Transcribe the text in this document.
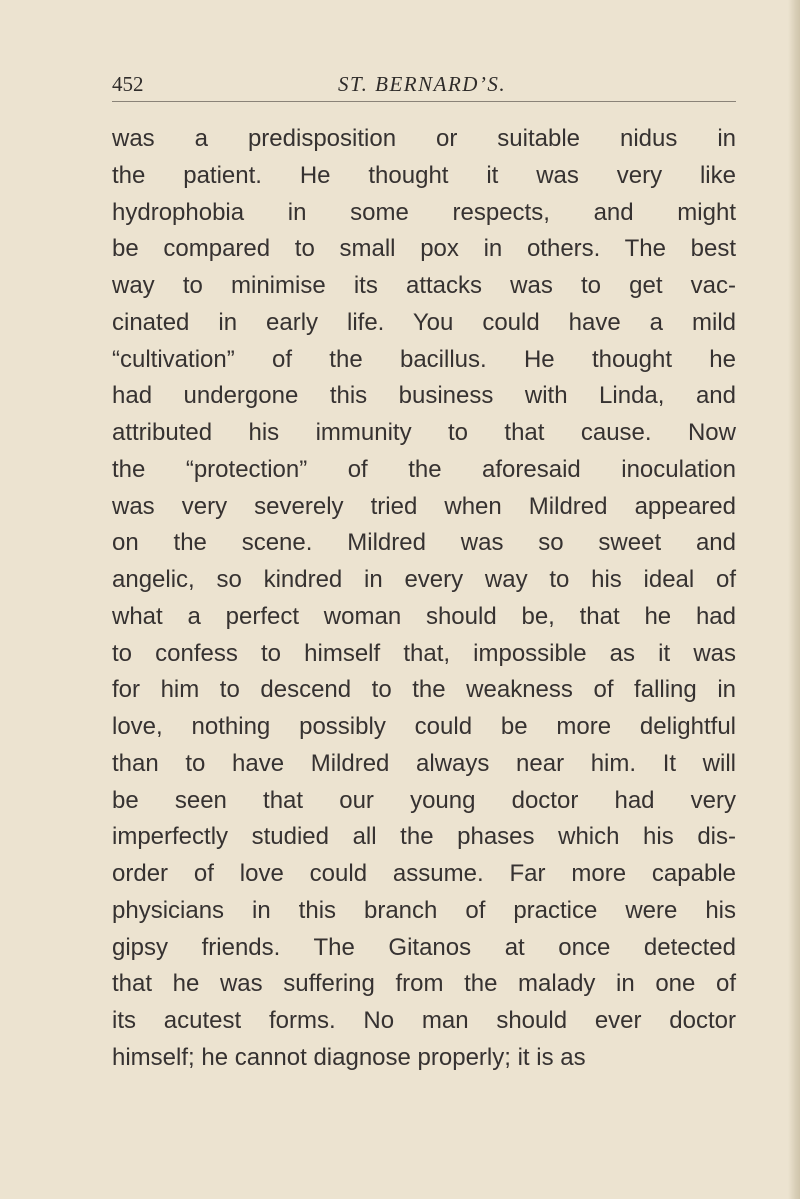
452	ST. BERNARD’S.
was a predisposition or suitable nidus in
the patient. He thought it was very like
hydrophobia in some respects, and might
be compared to small pox in others. The best
way to minimise its attacks was to get vac-
cinated in early life. You could have a mild
“cultivation” of the bacillus. He thought he
had undergone this business with Linda, and
attributed his immunity to that cause. Now
the “protection” of the aforesaid inoculation
was very severely tried when Mildred appeared
on the scene. Mildred was so sweet and
angelic, so kindred in every way to his ideal of
what a perfect woman should be, that he had
to confess to himself that, impossible as it was
for him to descend to the weakness of falling in
love, nothing possibly could be more delightful
than to have Mildred always near him. It will
be seen that our young doctor had very
imperfectly studied all the phases which his dis-
order of love could assume. Far more capable
physicians in this branch of practice were his
gipsy friends. The Gitanos at once detected
that he was suffering from the malady in one of
its acutest forms. No man should ever doctor
himself; he cannot diagnose properly; it is as
